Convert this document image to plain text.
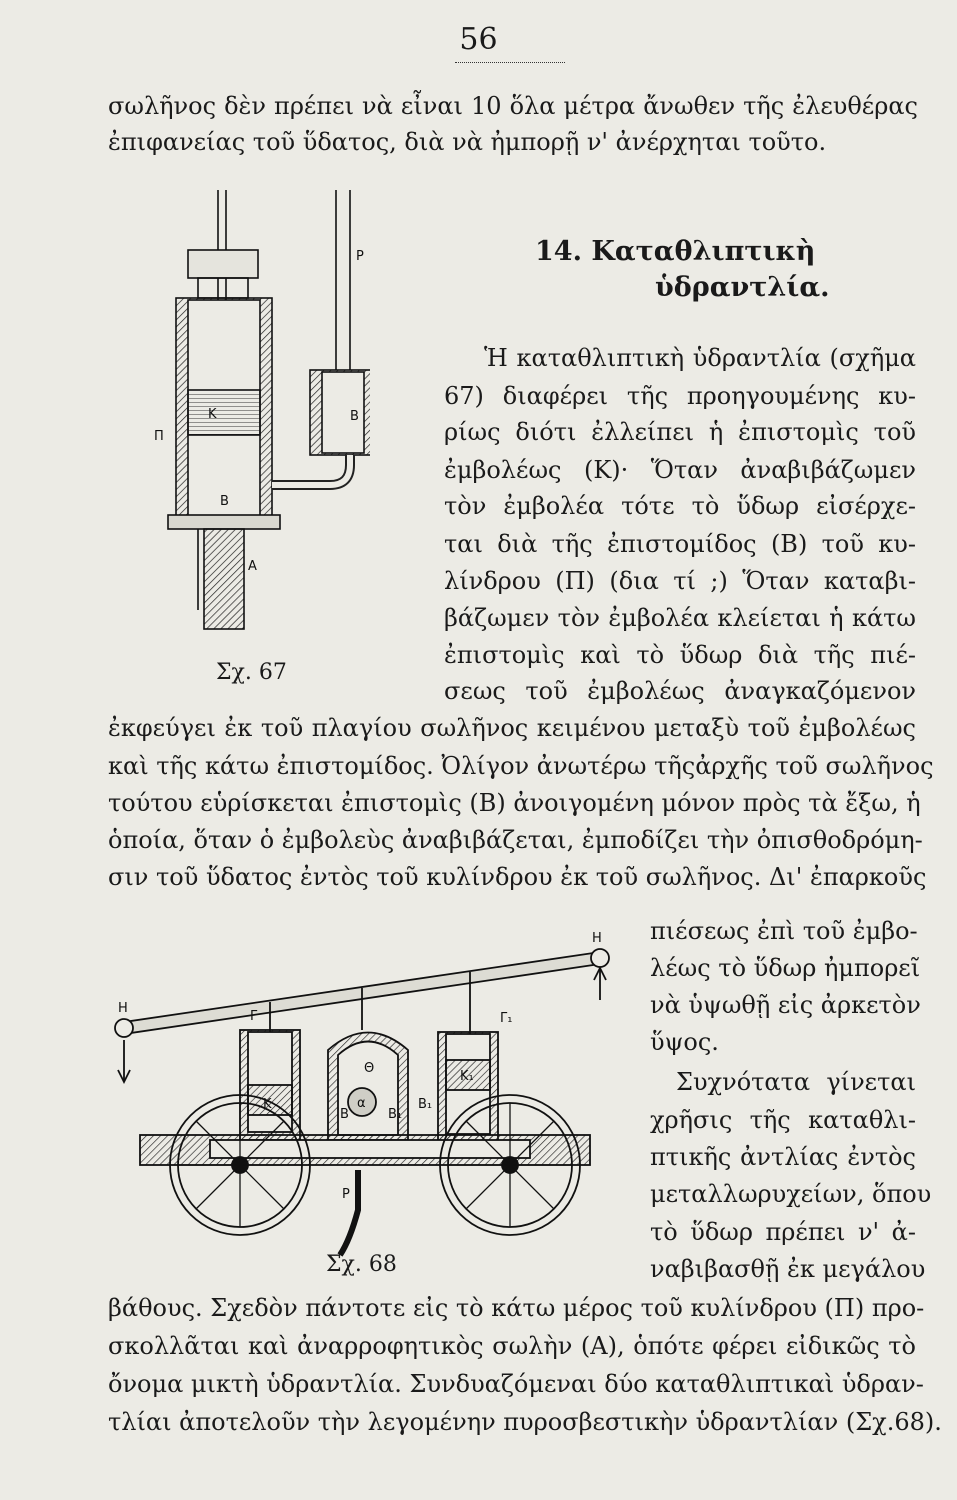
56
σωλῆνος δὲν πρέπει νὰ εἶναι 10 ὅλα μέτρα ἄνωθεν τῆς ἐλευθέρας
ἐπιφανείας τοῦ ὕδατος, διὰ νὰ ἠμπορῇ ν' ἀνέρχηται τοῦτο.
P
K
Π
B
B
A
Σχ. 67
14. Καταθλιπτικὴ
ὑδραντλία.
Ἡ καταθλιπτικὴ ὑδραντλία (σχῆμα
67) διαφέρει τῆς προηγουμένης κυ-
ρίως διότι ἐλλείπει ἡ ἐπιστομὶς τοῦ
ἐμβολέως (Κ)· Ὅταν ἀναβιβάζωμεν
τὸν ἐμβολέα τότε τὸ ὕδωρ εἰσέρχε-
ται διὰ τῆς ἐπιστομίδος (Β) τοῦ κυ-
λίνδρου (Π) (δια τί ;) Ὅταν καταβι-
βάζωμεν τὸν ἐμβολέα κλείεται ἡ κάτω
ἐπιστομὶς καὶ τὸ ὕδωρ διὰ τῆς πιέ-
σεως τοῦ ἐμβολέως ἀναγκαζόμενον
ἐκφεύγει ἐκ τοῦ πλαγίου σωλῆνος κειμένου μεταξὺ τοῦ ἐμβολέως
καὶ τῆς κάτω ἐπιστομίδος. Ὀλίγον ἀνωτέρω τῆςἀρχῆς τοῦ σωλῆνος
τούτου εὑρίσκεται ἐπιστομὶς (Β) ἀνοιγομένη μόνον πρὸς τὰ ἔξω, ἡ
ὁποία, ὅταν ὁ ἐμβολεὺς ἀναβιβάζεται, ἐμποδίζει τὴν ὀπισθοδρόμη-
σιν τοῦ ὕδατος ἐντὸς τοῦ κυλίνδρου ἐκ τοῦ σωλῆνος. Δι' ἐπαρκοῦς
H
H
Γ	Γ₁
Θ
K
K₁
B	B₁
B₁
α
P
Σχ. 68
πιέσεως ἐπὶ τοῦ ἐμβο-
λέως τὸ ὕδωρ ἠμπορεῖ
νὰ ὑψωθῇ εἰς ἀρκετὸν
ὕψος.
Συχνότατα γίνεται
χρῆσις τῆς καταθλι-
πτικῆς ἀντλίας ἐντὸς
μεταλλωρυχείων, ὅπου
τὸ ὕδωρ πρέπει ν' ἀ-
ναβιβασθῇ ἐκ μεγάλου
βάθους. Σχεδὸν πάντοτε εἰς τὸ κάτω μέρος τοῦ κυλίνδρου (Π) προ-
σκολλᾶται καὶ ἀναρροφητικὸς σωλὴν (Α), ὁπότε φέρει εἰδικῶς τὸ
ὄνομα μικτὴ ὑδραντλία. Συνδυαζόμεναι δύο καταθλιπτικαὶ ὑδραν-
τλίαι ἀποτελοῦν τὴν λεγομένην πυροσβεστικὴν ὑδραντλίαν (Σχ.68).
